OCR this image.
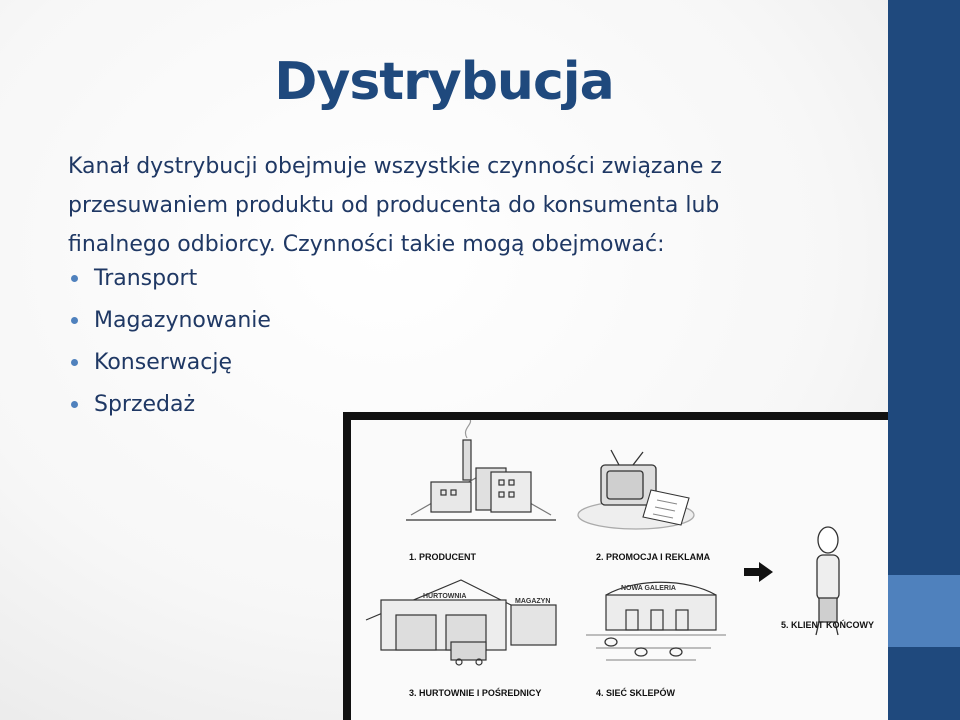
Dystrybucja
Kanał dystrybucji obejmuje wszystkie czynności związane z
przesuwaniem produktu od producenta do konsumenta lub
finalnego odbiorcy. Czynności takie mogą obejmować:
Transport
Magazynowanie
Konserwację
Sprzedaż
1. PRODUCENT	2. PROMOCJA I REKLAMA
5. KLIENT KOŃCOWY
HURTOWNIA
MAGAZYN
3. HURTOWNIE I POŚREDNICY
NOWA GALERIA
4. SIEĆ SKLEPÓW
